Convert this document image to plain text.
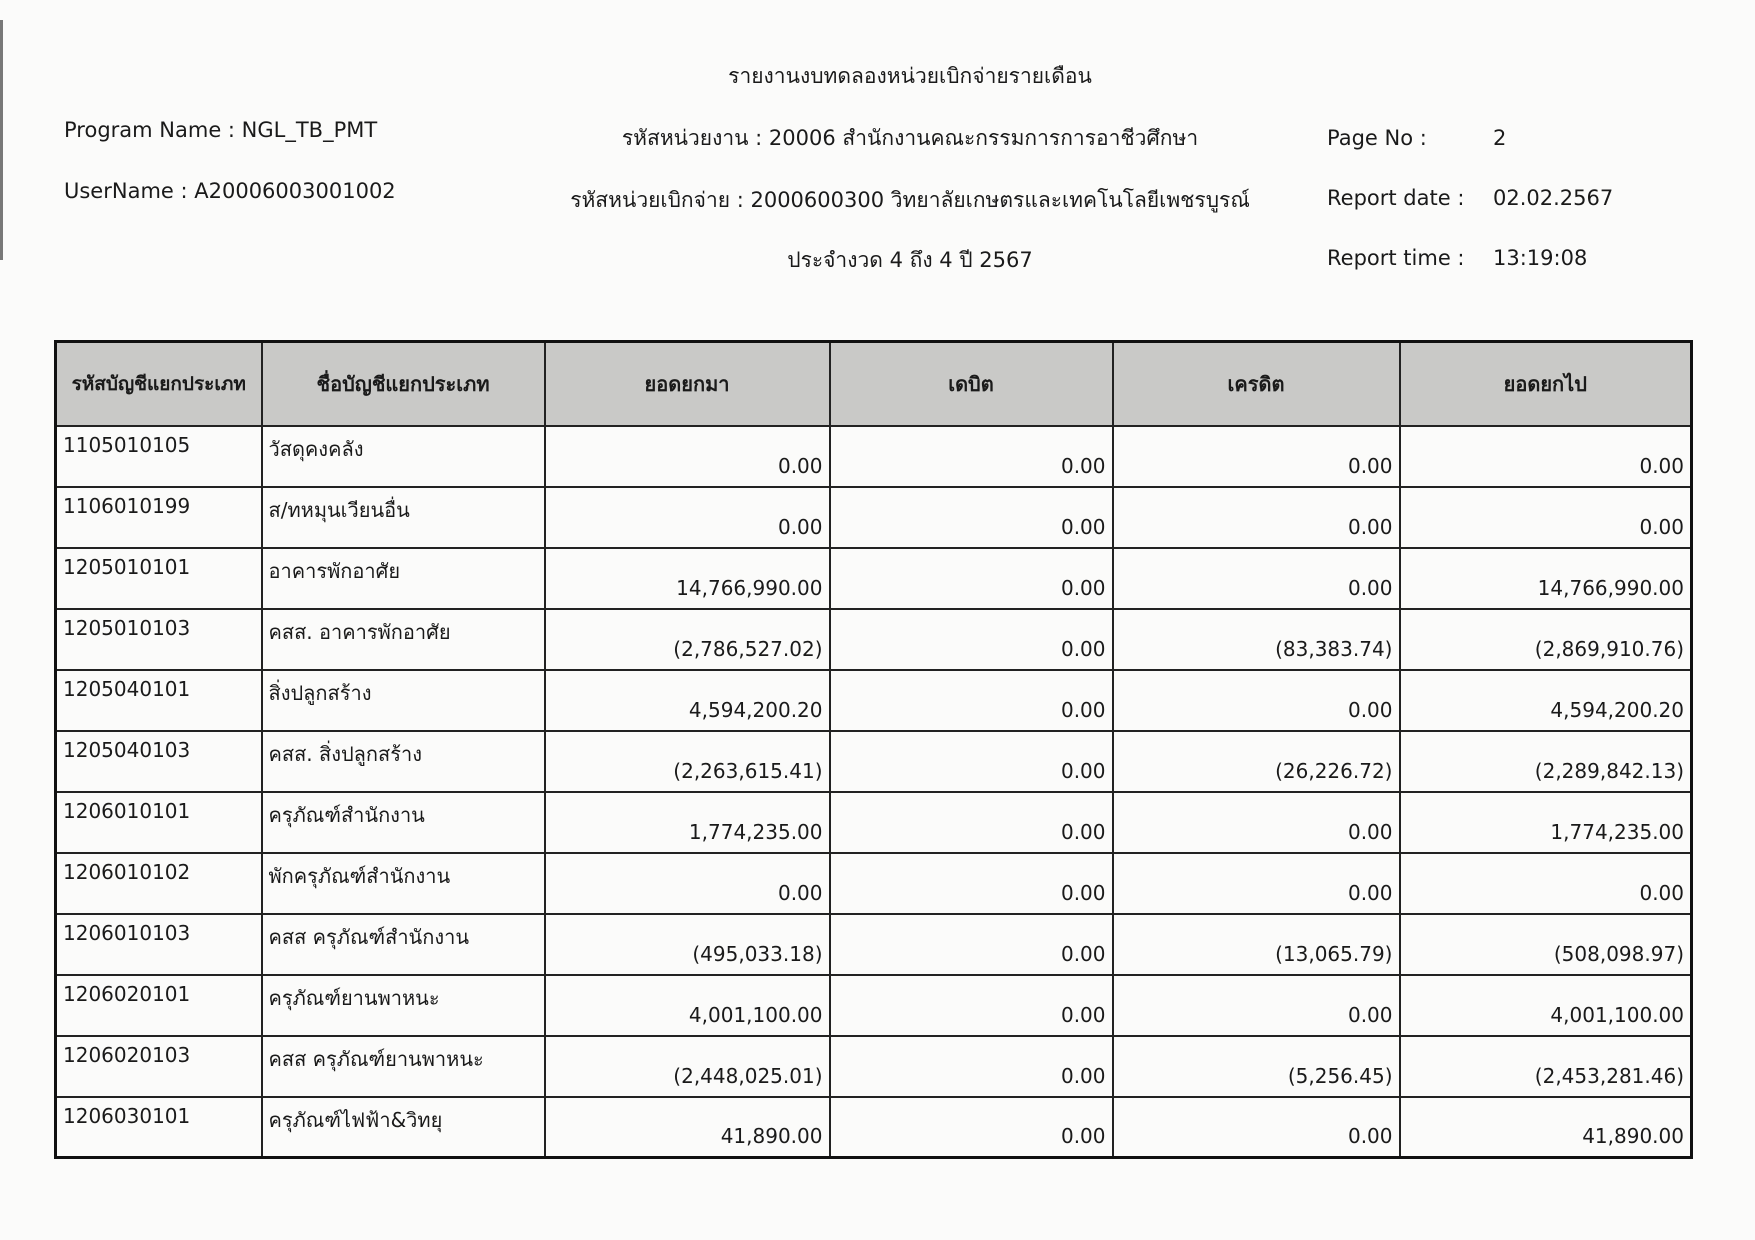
รายงานงบทดลองหน่วยเบิกจ่ายรายเดือน
Program Name : NGL_TB_PMT
UserName : A20006003001002
รหัสหน่วยงาน : 20006 สำนักงานคณะกรรมการการอาชีวศึกษา
รหัสหน่วยเบิกจ่าย : 2000600300 วิทยาลัยเกษตรและเทคโนโลยีเพชรบูรณ์
ประจำงวด 4 ถึง 4 ปี 2567
Page No :	2
Report date : 02.02.2567
Report time : 13:19:08
รหัสบัญชีแยกประเภท	ชื่อบัญชีแยกประเภท	ยอดยกมา	เดบิต	เครดิต	ยอดยกไป
1105010105	วัสดุคงคลัง	0.00	0.00	0.00	0.00
1106010199	ส/ทหมุนเวียนอื่น	0.00	0.00	0.00	0.00
1205010101	อาคารพักอาศัย	14,766,990.00	0.00	0.00	14,766,990.00
1205010103	คสส. อาคารพักอาศัย	(2,786,527.02)	0.00	(83,383.74)	(2,869,910.76)
1205040101	สิ่งปลูกสร้าง	4,594,200.20	0.00	0.00	4,594,200.20
1205040103	คสส. สิ่งปลูกสร้าง	(2,263,615.41)	0.00	(26,226.72)	(2,289,842.13)
1206010101	ครุภัณฑ์สำนักงาน	1,774,235.00	0.00	0.00	1,774,235.00
1206010102	พักครุภัณฑ์สำนักงาน	0.00	0.00	0.00	0.00
1206010103	คสส ครุภัณฑ์สำนักงาน	(495,033.18)	0.00	(13,065.79)	(508,098.97)
1206020101	ครุภัณฑ์ยานพาหนะ	4,001,100.00	0.00	0.00	4,001,100.00
1206020103	คสส ครุภัณฑ์ยานพาหนะ	(2,448,025.01)	0.00	(5,256.45)	(2,453,281.46)
1206030101	ครุภัณฑ์ไฟฟ้า&วิทยุ	41,890.00	0.00	0.00	41,890.00
